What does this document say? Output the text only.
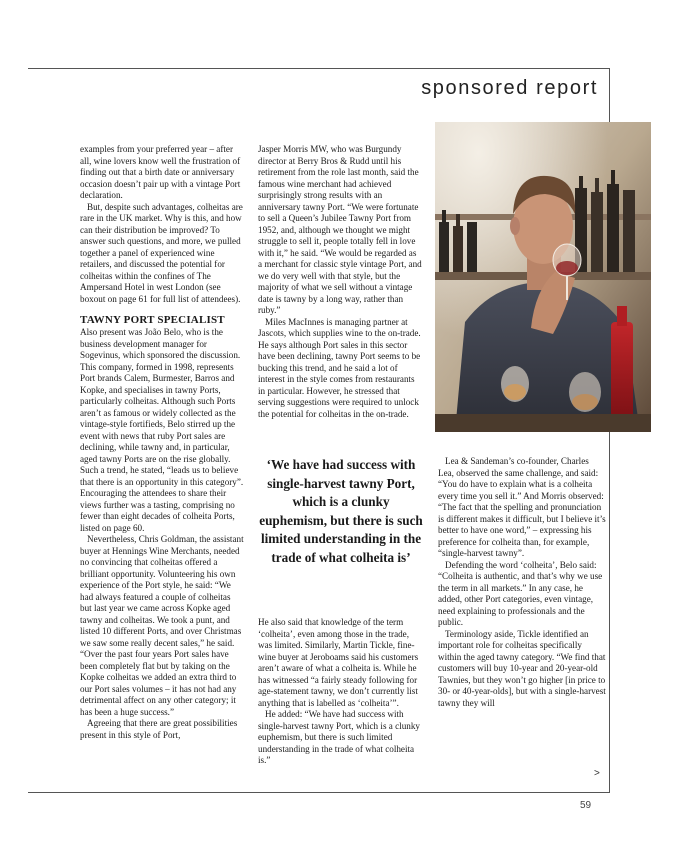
sponsored report

examples from your preferred year – after all, wine lovers know well the frustration of finding out that a birth date or anniversary occasion doesn’t pair up with a vintage Port declaration.

But, despite such advantages, colheitas are rare in the UK market. Why is this, and how can their distribution be improved? To answer such questions, and more, we pulled together a panel of experienced wine retailers, and discussed the potential for colheitas within the confines of The Ampersand Hotel in west London (see boxout on page 61 for full list of attendees).

TAWNY PORT SPECIALIST

Also present was João Belo, who is the business development manager for Sogevinus, which sponsored the discussion. This company, formed in 1998, represents Port brands Calem, Burmester, Barros and Kopke, and specialises in tawny Ports, particularly colheitas. Although such Ports aren’t as famous or widely collected as the vintage-style fortifieds, Belo stirred up the event with news that ruby Port sales are declining, while tawny and, in particular, aged tawny Ports are on the rise globally. Such a trend, he stated, “leads us to believe that there is an opportunity in this category”. Encouraging the attendees to share their views further was a tasting, comprising no fewer than eight decades of colheita Ports, listed on page 60.

Nevertheless, Chris Goldman, the assistant buyer at Hennings Wine Merchants, needed no convincing that colheitas offered a brilliant opportunity. Volunteering his own experience of the Port style, he said: “We had always featured a couple of colheitas but last year we came across Kopke aged tawny and colheitas. We took a punt, and listed 10 different Ports, and over Christmas we saw some really decent sales,” he said. “Over the past four years Port sales have been completely flat but by taking on the Kopke colheitas we added an extra third to our Port sales volumes – it has not had any detrimental affect on any other category; it has been a huge success.”

Agreeing that there are great possibilities present in this style of Port,

Jasper Morris MW, who was Burgundy director at Berry Bros & Rudd until his retirement from the role last month, said the famous wine merchant had achieved surprisingly strong results with an anniversary tawny Port. “We were fortunate to sell a Queen’s Jubilee Tawny Port from 1952, and, although we thought we might struggle to sell it, people totally fell in love with it,” he said. “We would be regarded as a merchant for classic style vintage Port, and we do very well with that style, but the majority of what we sell without a vintage date is tawny by a long way, rather than ruby.”

Miles MacInnes is managing partner at Jascots, which supplies wine to the on-trade. He says although Port sales in this sector have been declining, tawny Port seems to be bucking this trend, and he said a lot of interest in the style comes from restaurants in particular. However, he stressed that serving suggestions were required to unlock the potential for colheitas in the on-trade.

‘We have had success with single-harvest tawny Port, which is a clunky euphemism, but there is such limited understanding in the trade of what colheita is’

He also said that knowledge of the term ‘colheita’, even among those in the trade, was limited. Similarly, Martin Tickle, fine-wine buyer at Jeroboams said his customers aren’t aware of what a colheita is. While he has witnessed “a fairly steady following for age-statement tawny, we don’t currently list anything that is labelled as ‘colheita’”.

He added: “We have had success with single-harvest tawny Port, which is a clunky euphemism, but there is such limited understanding in the trade of what colheita is.”

Lea & Sandeman’s co-founder, Charles Lea, observed the same challenge, and said: “You do have to explain what is a colheita every time you sell it.” And Morris observed: “The fact that the spelling and pronunciation is different makes it difficult, but I believe it’s better to have one word,” – expressing his preference for colheita than, for example, “single-harvest tawny”.

Defending the word ‘colheita’, Belo said: “Colheita is authentic, and that’s why we use the term in all markets.” In any case, he added, other Port categories, even vintage, need explaining to professionals and the public.

Terminology aside, Tickle identified an important role for colheitas specifically within the aged tawny category. “We find that customers will buy 10-year and 20-year-old Tawnies, but they won’t go higher [in price to 30- or 40-year-olds], but with a single-harvest tawny they will

>
59
